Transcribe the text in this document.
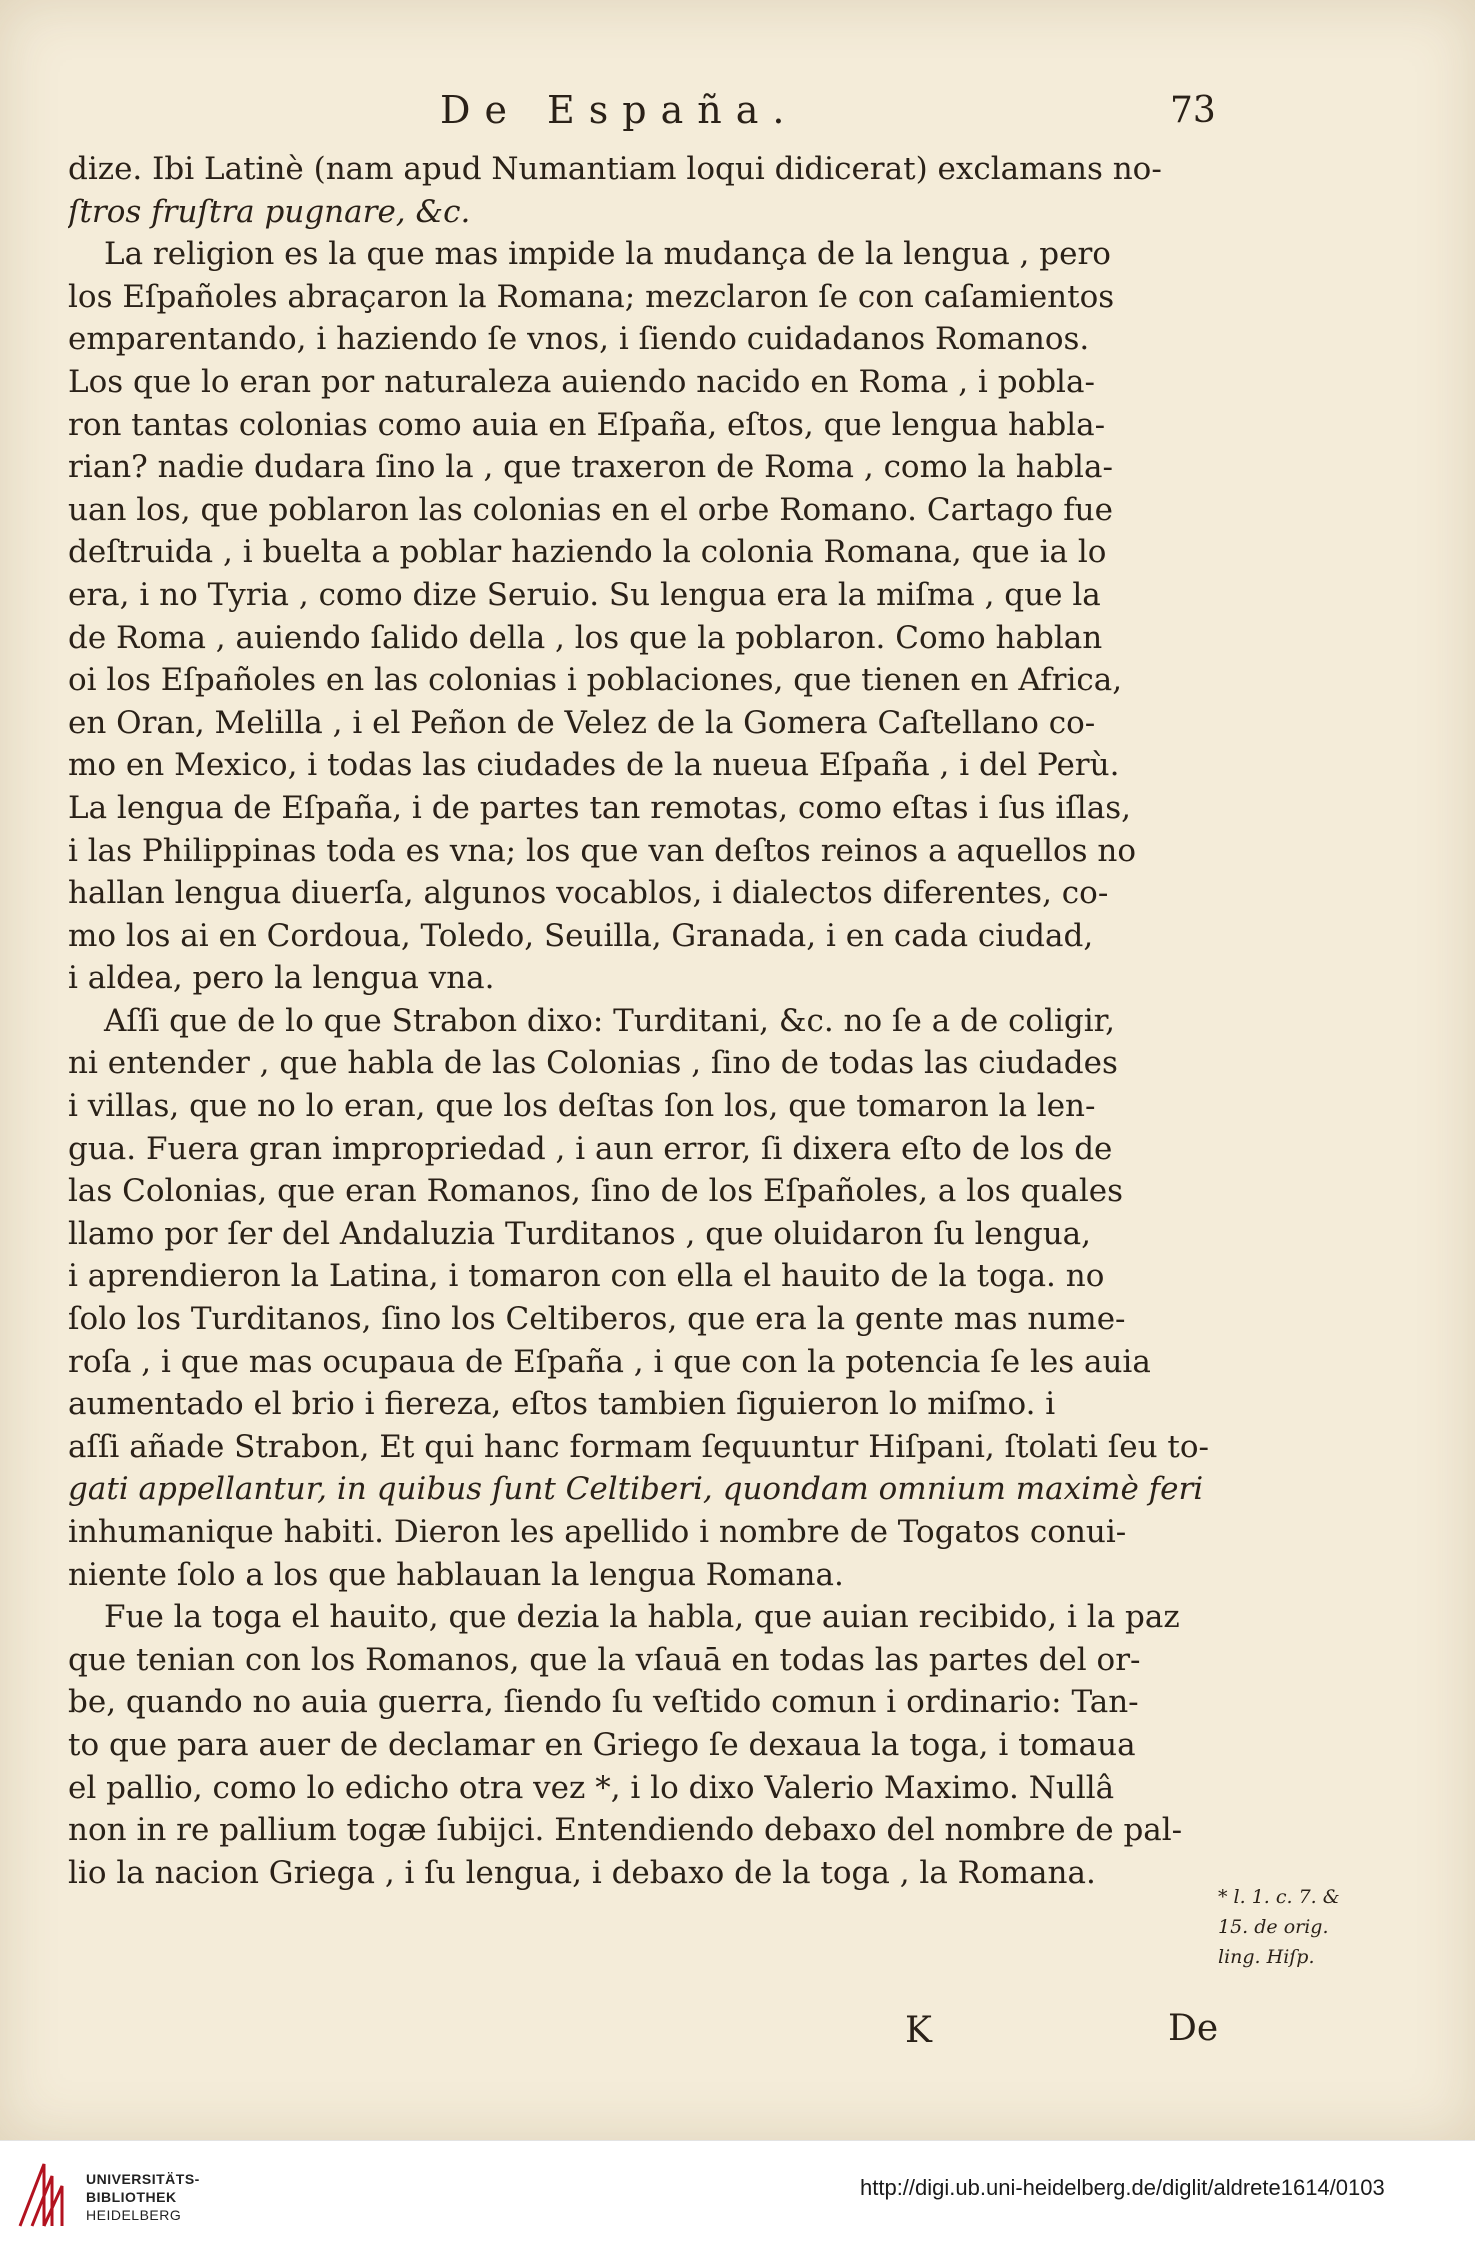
De España.	73
dize. Ibi Latinè (nam apud Numantiam loqui didicerat) exclamans no-
ſtros fruſtra pugnare, &c.
La religion es la que mas impide la mudança de la lengua , pero
los Eſpañoles abraçaron la Romana; mezclaron ſe con caſamientos
emparentando, i haziendo ſe vnos, i ſiendo cuidadanos Romanos.
Los que lo eran por naturaleza auiendo nacido en Roma , i pobla-
ron tantas colonias como auia en Eſpaña, eſtos, que lengua habla-
rian? nadie dudara ſino la , que traxeron de Roma , como la habla-
uan los, que poblaron las colonias en el orbe Romano. Cartago fue
deſtruida , i buelta a poblar haziendo la colonia Romana, que ia lo
era, i no Tyria , como dize Seruio. Su lengua era la miſma , que la
de Roma , auiendo ſalido della , los que la poblaron. Como hablan
oi los Eſpañoles en las colonias i poblaciones, que tienen en Africa,
en Oran, Melilla , i el Peñon de Velez de la Gomera Caſtellano co-
mo en Mexico, i todas las ciudades de la nueua Eſpaña , i del Perù.
La lengua de Eſpaña, i de partes tan remotas, como eſtas i ſus iſlas,
i las Philippinas toda es vna; los que van deſtos reinos a aquellos no
hallan lengua diuerſa, algunos vocablos, i dialectos diferentes, co-
mo los ai en Cordoua, Toledo, Seuilla, Granada, i en cada ciudad,
i aldea, pero la lengua vna.
Aſſi que de lo que Strabon dixo: Turditani, &c. no ſe a de coligir,
ni entender , que habla de las Colonias , ſino de todas las ciudades
i villas, que no lo eran, que los deſtas ſon los, que tomaron la len-
gua. Fuera gran impropriedad , i aun error, ſi dixera eſto de los de
las Colonias, que eran Romanos, ſino de los Eſpañoles, a los quales
llamo por ſer del Andaluzia Turditanos , que oluidaron ſu lengua,
i aprendieron la Latina, i tomaron con ella el hauito de la toga. no
ſolo los Turditanos, ſino los Celtiberos, que era la gente mas nume-
roſa , i que mas ocupaua de Eſpaña , i que con la potencia ſe les auia
aumentado el brio i fiereza, eſtos tambien ſiguieron lo miſmo. i
aſſi añade Strabon, Et qui hanc formam ſequuntur Hiſpani, ſtolati ſeu to-
gati appellantur, in quibus ſunt Celtiberi, quondam omnium maximè feri
inhumanique habiti. Dieron les apellido i nombre de Togatos conui-
niente ſolo a los que hablauan la lengua Romana.
Fue la toga el hauito, que dezia la habla, que auian recibido, i la paz
que tenian con los Romanos, que la vſauā en todas las partes del or-
be, quando no auia guerra, ſiendo ſu veſtido comun i ordinario: Tan-
to que para auer de declamar en Griego ſe dexaua la toga, i tomaua
el pallio, como lo edicho otra vez *, i lo dixo Valerio Maximo. Nullâ
non in re pallium togæ ſubijci. Entendiendo debaxo del nombre de pal-
lio la nacion Griega , i ſu lengua, i debaxo de la toga , la Romana.
* l. 1. c. 7. &
15. de orig.
ling. Hiſp.
K	De
UNIVERSITÄTS-
BIBLIOTHEK
HEIDELBERG
http://digi.ub.uni-heidelberg.de/diglit/aldrete1614/0103
